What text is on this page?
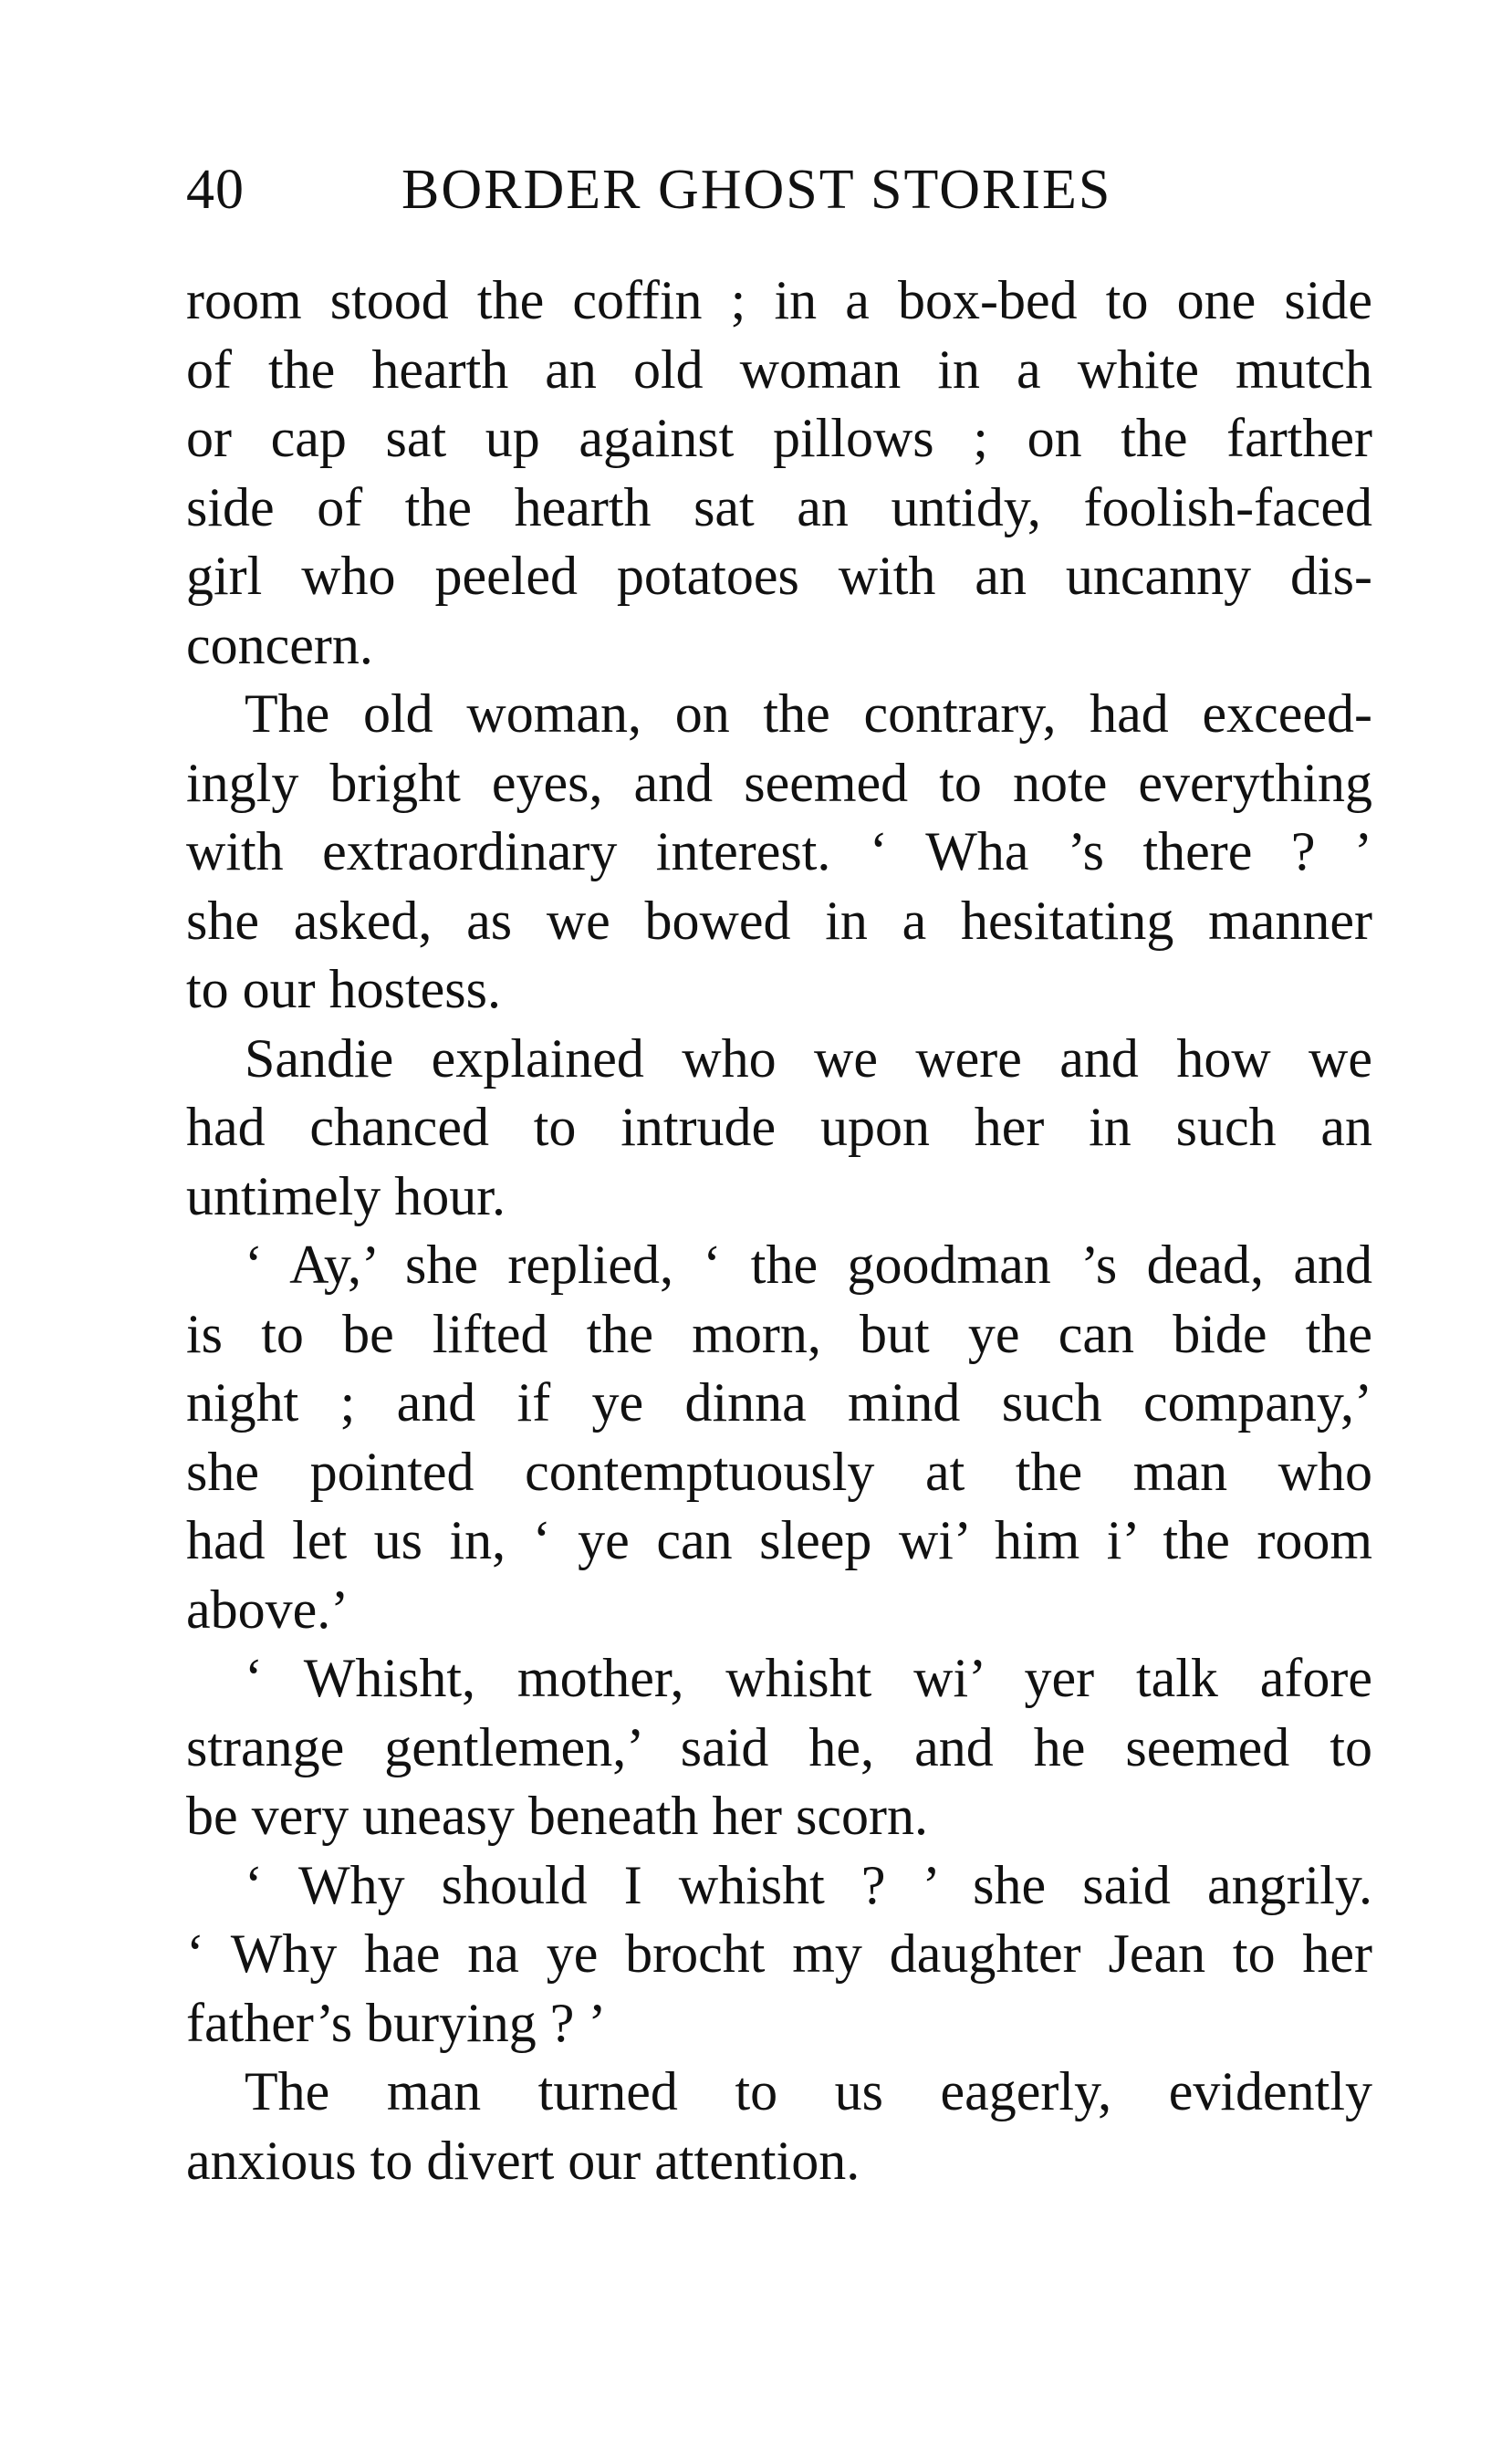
40	BORDER GHOST STORIES
room stood the coffin ; in a box-bed to one side
of the hearth an old woman in a white mutch
or cap sat up against pillows ; on the farther
side of the hearth sat an untidy, foolish-faced
girl who peeled potatoes with an uncanny dis-
concern.
The old woman, on the contrary, had exceed-
ingly bright eyes, and seemed to note everything
with extraordinary interest. ‘ Wha ’s there ? ’
she asked, as we bowed in a hesitating manner
to our hostess.
Sandie explained who we were and how we
had chanced to intrude upon her in such an
untimely hour.
‘ Ay,’ she replied, ‘ the goodman ’s dead, and
is to be lifted the morn, but ye can bide the
night ; and if ye dinna mind such company,’
she pointed contemptuously at the man who
had let us in, ‘ ye can sleep wi’ him i’ the room
above.’
‘ Whisht, mother, whisht wi’ yer talk afore
strange gentlemen,’ said he, and he seemed to
be very uneasy beneath her scorn.
‘ Why should I whisht ? ’ she said angrily.
‘ Why hae na ye brocht my daughter Jean to her
father’s burying ? ’
The man turned to us eagerly, evidently
anxious to divert our attention.
